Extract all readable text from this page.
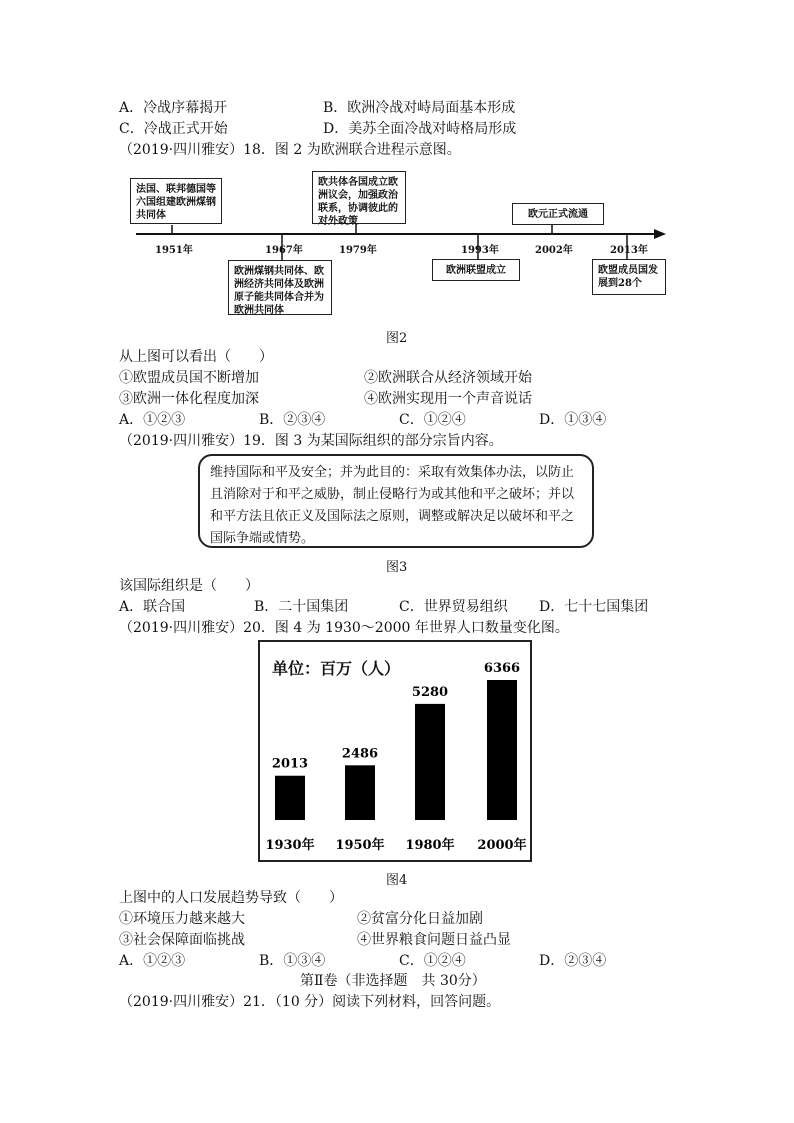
A．冷战序幕揭开	B．欧洲冷战对峙局面基本形成
C．冷战正式开始	D．美苏全面冷战对峙格局形成
（2019·四川雅安）18．图 2 为欧洲联合进程示意图。
法国、联邦德国等六国组建欧洲煤钢共同体
欧共体各国成立欧洲议会，加强政治联系，协调彼此的对外政策
欧元正式流通
欧洲煤钢共同体、欧洲经济共同体及欧洲原子能共同体合并为欧洲共同体
欧洲联盟成立	欧盟成员国发展到28个
1951年	1967年	1979年	1993年	2002年	2013年
图2
从上图可以看出（　　）
①欧盟成员国不断增加	②欧洲联合从经济领域开始
③欧洲一体化程度加深	④欧洲实现用一个声音说话
A．①②③	B．②③④	C．①②④	D．①③④
（2019·四川雅安）19．图 3 为某国际组织的部分宗旨内容。
维持国际和平及安全；并为此目的：采取有效集体办法，以防止且消除对于和平之威胁，制止侵略行为或其他和平之破坏；并以和平方法且依正义及国际法之原则，调整或解决足以破坏和平之国际争端或情势。
图3
该国际组织是（　　）
A．联合国	B．二十国集团	C．世界贸易组织 D．七十七国集团
（2019·四川雅安）20．图 4 为 1930～2000 年世界人口数量变化图。
单位：百万（人）
2013
1930年
2486
1950年
5280
1980年
6366
2000年
图4
上图中的人口发展趋势导致（　　）
①环境压力越来越大	②贫富分化日益加剧
③社会保障面临挑战	④世界粮食问题日益凸显
A．①②③	B．①③④	C．①②④	D．②③④
第Ⅱ卷（非选择题　共 30分）
（2019·四川雅安）21．（10 分）阅读下列材料，回答问题。
